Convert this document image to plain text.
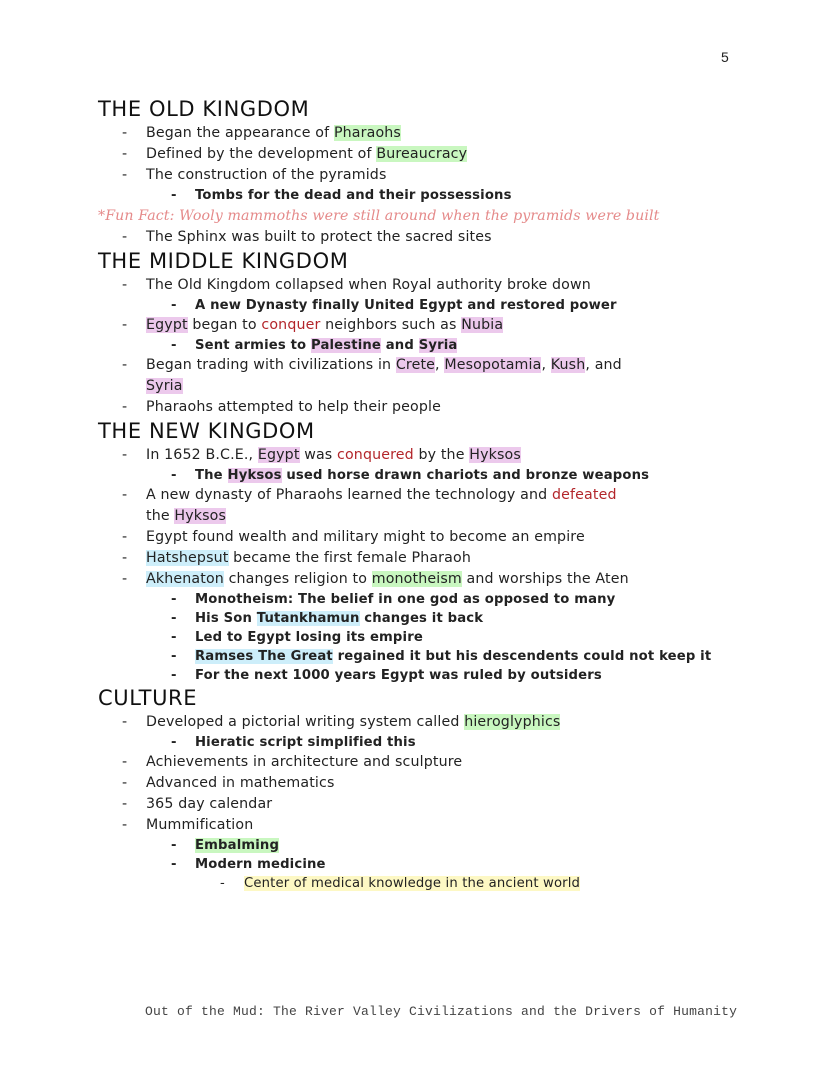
5
THE OLD KINGDOM
- Began the appearance of Pharaohs
- Defined by the development of Bureaucracy
- The construction of the pyramids
- Tombs for the dead and their possessions
*Fun Fact: Wooly mammoths were still around when the pyramids were built
- The Sphinx was built to protect the sacred sites
THE MIDDLE KINGDOM
- The Old Kingdom collapsed when Royal authority broke down
- A new Dynasty finally United Egypt and restored power
- Egypt began to conquer neighbors such as Nubia
- Sent armies to Palestine and Syria
- Began trading with civilizations in Crete, Mesopotamia, Kush, and
Syria
- Pharaohs attempted to help their people
THE NEW KINGDOM
- In 1652 B.C.E., Egypt was conquered by the Hyksos
- The Hyksos used horse drawn chariots and bronze weapons
- A new dynasty of Pharaohs learned the technology and defeated
the Hyksos
- Egypt found wealth and military might to become an empire
- Hatshepsut became the first female Pharaoh
- Akhenaton changes religion to monotheism and worships the Aten
- Monotheism: The belief in one god as opposed to many
- His Son Tutankhamun changes it back
- Led to Egypt losing its empire
- Ramses The Great regained it but his descendents could not keep it
- For the next 1000 years Egypt was ruled by outsiders
CULTURE
- Developed a pictorial writing system called hieroglyphics
- Hieratic script simplified this
- Achievements in architecture and sculpture
- Advanced in mathematics
- 365 day calendar
- Mummification
- Embalming
- Modern medicine
- Center of medical knowledge in the ancient world
Out of the Mud: The River Valley Civilizations and the Drivers of Humanity
